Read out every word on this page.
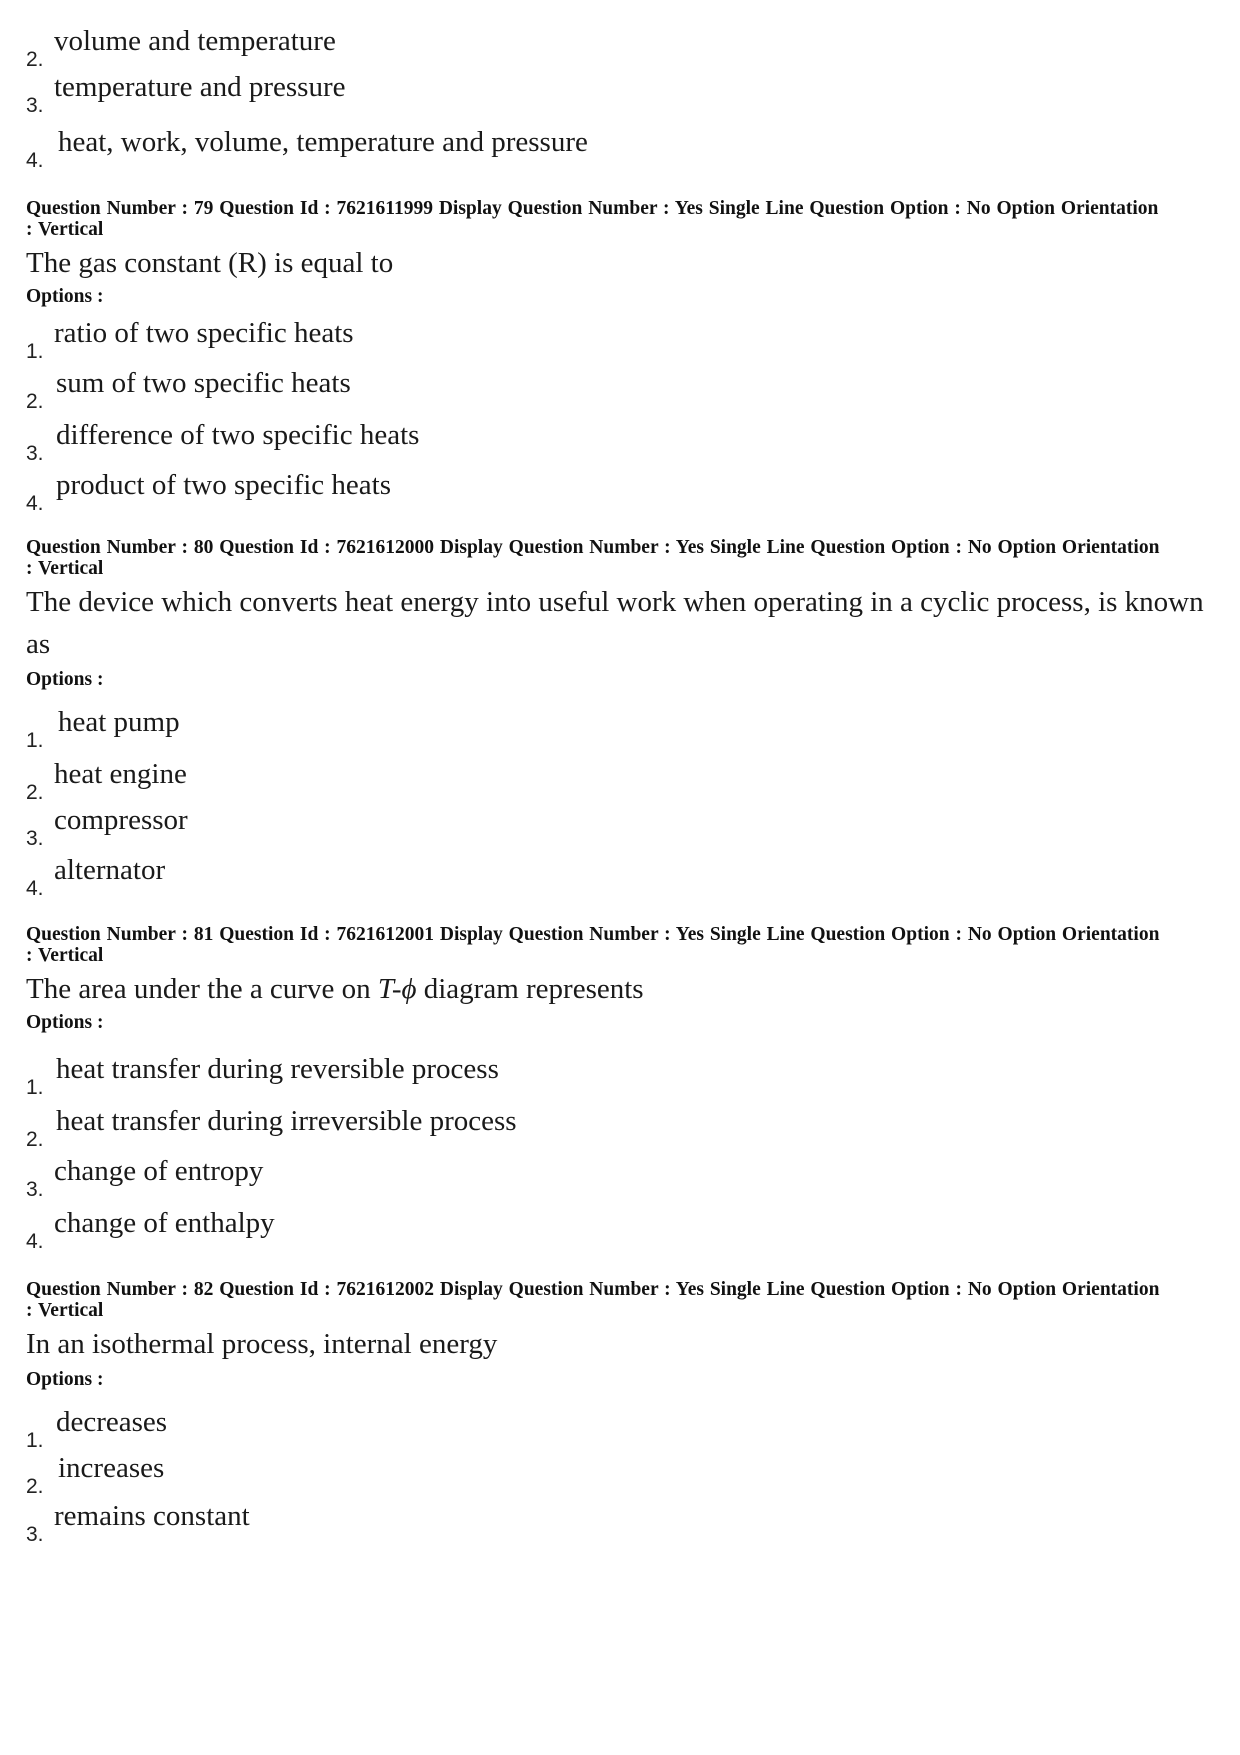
2.
volume and temperature
3.
temperature and pressure
4.
heat, work, volume, temperature and pressure
Question Number : 79 Question Id : 7621611999 Display Question Number : Yes Single Line Question Option : No Option Orientation : Vertical
The gas constant (R) is equal to
Options :
1.
ratio of two specific heats
2.
sum of two specific heats
3.
difference of two specific heats
4.
product of two specific heats
Question Number : 80 Question Id : 7621612000 Display Question Number : Yes Single Line Question Option : No Option Orientation : Vertical
The device which converts heat energy into useful work when operating in a cyclic process, is known as
Options :
1.
heat pump
2.
heat engine
3.
compressor
4.
alternator
Question Number : 81 Question Id : 7621612001 Display Question Number : Yes Single Line Question Option : No Option Orientation : Vertical
The area under the a curve on T-ϕ diagram represents
Options :
1.
heat transfer during reversible process
2.
heat transfer during irreversible process
3.
change of entropy
4.
change of enthalpy
Question Number : 82 Question Id : 7621612002 Display Question Number : Yes Single Line Question Option : No Option Orientation : Vertical
In an isothermal process, internal energy
Options :
1.
decreases
2.
increases
3.
remains constant
